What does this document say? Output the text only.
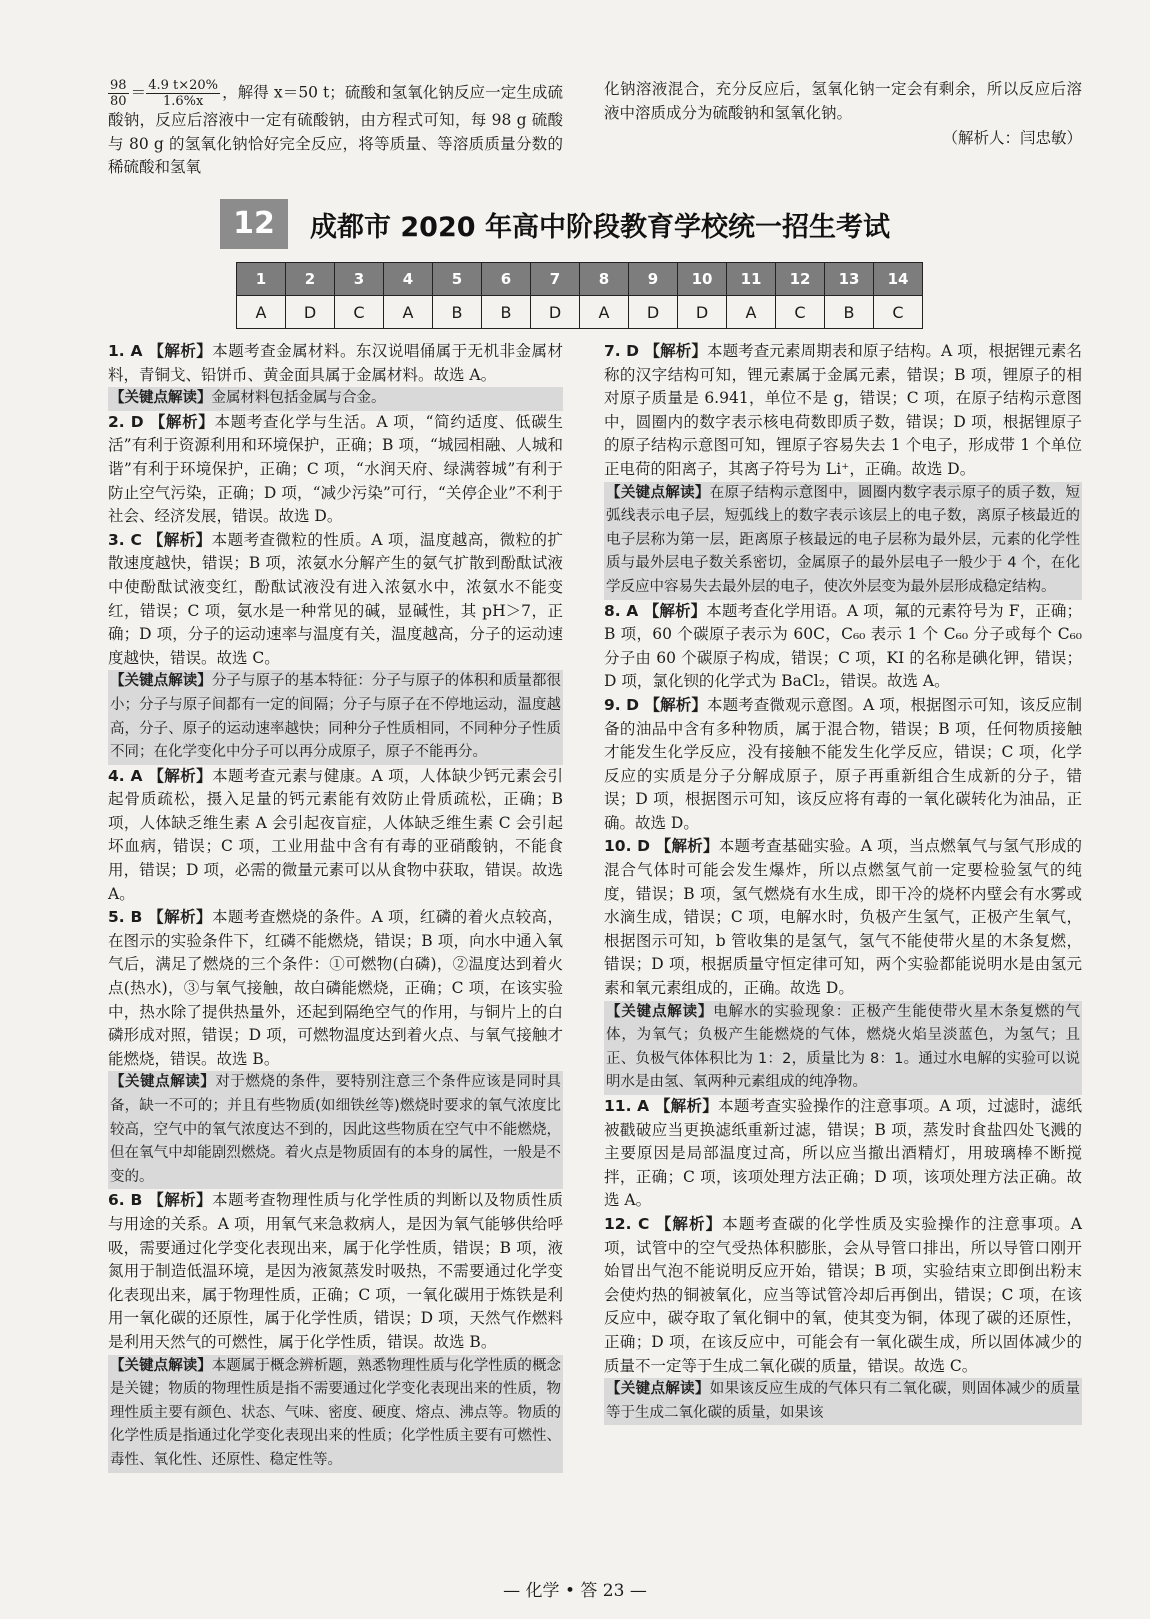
$\frac{98}{80} = \frac{4.9 t\times 20\%}{1.6\%x}$ ，解得 x＝50 t；硫酸和氢氧化钠反应一定生成硫酸钠，反应后溶液中一定有硫酸钠，由方程式可知，每 98 g 硫酸与 80 g 的氢氧化钠恰好完全反应，将等质量、等溶质质量分数的稀硫酸和氢氧

化钠溶液混合，充分反应后，氢氧化钠一定会有剩余，所以反应后溶液中溶质成分为硫酸钠和氢氧化钠。

（解析人：闫忠敏）
12	成都市 2020 年高中阶段教育学校统一招生考试
1	2	3	4	5	6	7	8	9	10	11	12	13	14
A	D	C	A	B	B	D	A	D	D	A	C	B	C

1. A 【解析】本题考查金属材料。东汉说唱俑属于无机非金属材料，青铜戈、铅饼币、黄金面具属于金属材料。故选 A。

【关键点解读】金属材料包括金属与合金。

2. D 【解析】本题考查化学与生活。A 项，“简约适度、低碳生活”有利于资源利用和环境保护，正确；B 项，“城园相融、人城和谐”有利于环境保护，正确；C 项，“水润天府、绿满蓉城”有利于防止空气污染，正确；D 项，“减少污染”可行，“关停企业”不利于社会、经济发展，错误。故选 D。

3. C 【解析】本题考查微粒的性质。A 项，温度越高，微粒的扩散速度越快，错误；B 项，浓氨水分解产生的氨气扩散到酚酞试液中使酚酞试液变红，酚酞试液没有进入浓氨水中，浓氨水不能变红，错误；C 项，氨水是一种常见的碱，显碱性，其 pH＞7，正确；D 项，分子的运动速率与温度有关，温度越高，分子的运动速度越快，错误。故选 C。

【关键点解读】分子与原子的基本特征：分子与原子的体积和质量都很小；分子与原子间都有一定的间隔；分子与原子在不停地运动，温度越高，分子、原子的运动速率越快；同种分子性质相同，不同种分子性质不同；在化学变化中分子可以再分成原子，原子不能再分。

4. A 【解析】本题考查元素与健康。A 项，人体缺少钙元素会引起骨质疏松，摄入足量的钙元素能有效防止骨质疏松，正确；B 项，人体缺乏维生素 A 会引起夜盲症，人体缺乏维生素 C 会引起坏血病，错误；C 项，工业用盐中含有有毒的亚硝酸钠，不能食用，错误；D 项，必需的微量元素可以从食物中获取，错误。故选 A。

5. B 【解析】本题考查燃烧的条件。A 项，红磷的着火点较高，在图示的实验条件下，红磷不能燃烧，错误；B 项，向水中通入氧气后，满足了燃烧的三个条件：①可燃物(白磷)，②温度达到着火点(热水)，③与氧气接触，故白磷能燃烧，正确；C 项，在该实验中，热水除了提供热量外，还起到隔绝空气的作用，与铜片上的白磷形成对照，错误；D 项，可燃物温度达到着火点、与氧气接触才能燃烧，错误。故选 B。

【关键点解读】对于燃烧的条件，要特别注意三个条件应该是同时具备，缺一不可的；并且有些物质(如细铁丝等)燃烧时要求的氧气浓度比较高，空气中的氧气浓度达不到的，因此这些物质在空气中不能燃烧，但在氧气中却能剧烈燃烧。着火点是物质固有的本身的属性，一般是不变的。

6. B 【解析】本题考查物理性质与化学性质的判断以及物质性质与用途的关系。A 项，用氧气来急救病人，是因为氧气能够供给呼吸，需要通过化学变化表现出来，属于化学性质，错误；B 项，液氮用于制造低温环境，是因为液氮蒸发时吸热，不需要通过化学变化表现出来，属于物理性质，正确；C 项，一氧化碳用于炼铁是利用一氧化碳的还原性，属于化学性质，错误；D 项，天然气作燃料是利用天然气的可燃性，属于化学性质，错误。故选 B。

【关键点解读】本题属于概念辨析题，熟悉物理性质与化学性质的概念是关键；物质的物理性质是指不需要通过化学变化表现出来的性质，物理性质主要有颜色、状态、气味、密度、硬度、熔点、沸点等。物质的化学性质是指通过化学变化表现出来的性质；化学性质主要有可燃性、毒性、氧化性、还原性、稳定性等。

7. D 【解析】本题考查元素周期表和原子结构。A 项，根据锂元素名称的汉字结构可知，锂元素属于金属元素，错误；B 项，锂原子的相对原子质量是 6.941，单位不是 g，错误；C 项，在原子结构示意图中，圆圈内的数字表示核电荷数即质子数，错误；D 项，根据锂原子的原子结构示意图可知，锂原子容易失去 1 个电子，形成带 1 个单位正电荷的阳离子，其离子符号为 Li⁺，正确。故选 D。

【关键点解读】在原子结构示意图中，圆圈内数字表示原子的质子数，短弧线表示电子层，短弧线上的数字表示该层上的电子数，离原子核最近的电子层称为第一层，距离原子核最远的电子层称为最外层，元素的化学性质与最外层电子数关系密切，金属原子的最外层电子一般少于 4 个，在化学反应中容易失去最外层的电子，使次外层变为最外层形成稳定结构。

8. A 【解析】本题考查化学用语。A 项，氟的元素符号为 F，正确；B 项，60 个碳原子表示为 60C，C₆₀ 表示 1 个 C₆₀ 分子或每个 C₆₀ 分子由 60 个碳原子构成，错误；C 项，KI 的名称是碘化钾，错误；D 项，氯化钡的化学式为 BaCl₂，错误。故选 A。

9. D 【解析】本题考查微观示意图。A 项，根据图示可知，该反应制备的油品中含有多种物质，属于混合物，错误；B 项，任何物质接触才能发生化学反应，没有接触不能发生化学反应，错误；C 项，化学反应的实质是分子分解成原子，原子再重新组合生成新的分子，错误；D 项，根据图示可知，该反应将有毒的一氧化碳转化为油品，正确。故选 D。

10. D 【解析】本题考查基础实验。A 项，当点燃氧气与氢气形成的混合气体时可能会发生爆炸，所以点燃氢气前一定要检验氢气的纯度，错误；B 项，氢气燃烧有水生成，即干冷的烧杯内壁会有水雾或水滴生成，错误；C 项，电解水时，负极产生氢气，正极产生氧气，根据图示可知，b 管收集的是氢气，氢气不能使带火星的木条复燃，错误；D 项，根据质量守恒定律可知，两个实验都能说明水是由氢元素和氧元素组成的，正确。故选 D。

【关键点解读】电解水的实验现象：正极产生能使带火星木条复燃的气体，为氧气；负极产生能燃烧的气体，燃烧火焰呈淡蓝色，为氢气；且正、负极气体体积比为 1：2，质量比为 8：1。通过水电解的实验可以说明水是由氢、氧两种元素组成的纯净物。

11. A 【解析】本题考查实验操作的注意事项。A 项，过滤时，滤纸被戳破应当更换滤纸重新过滤，错误；B 项，蒸发时食盐四处飞溅的主要原因是局部温度过高，所以应当撤出酒精灯，用玻璃棒不断搅拌，正确；C 项，该项处理方法正确；D 项，该项处理方法正确。故选 A。

12. C 【解析】本题考查碳的化学性质及实验操作的注意事项。A 项，试管中的空气受热体积膨胀，会从导管口排出，所以导管口刚开始冒出气泡不能说明反应开始，错误；B 项，实验结束立即倒出粉末会使灼热的铜被氧化，应当等试管冷却后再倒出，错误；C 项，在该反应中，碳夺取了氧化铜中的氧，使其变为铜，体现了碳的还原性，正确；D 项，在该反应中，可能会有一氧化碳生成，所以固体减少的质量不一定等于生成二氧化碳的质量，错误。故选 C。

【关键点解读】如果该反应生成的气体只有二氧化碳，则固体减少的质量等于生成二氧化碳的质量，如果该

— 化学 • 答 23 —
